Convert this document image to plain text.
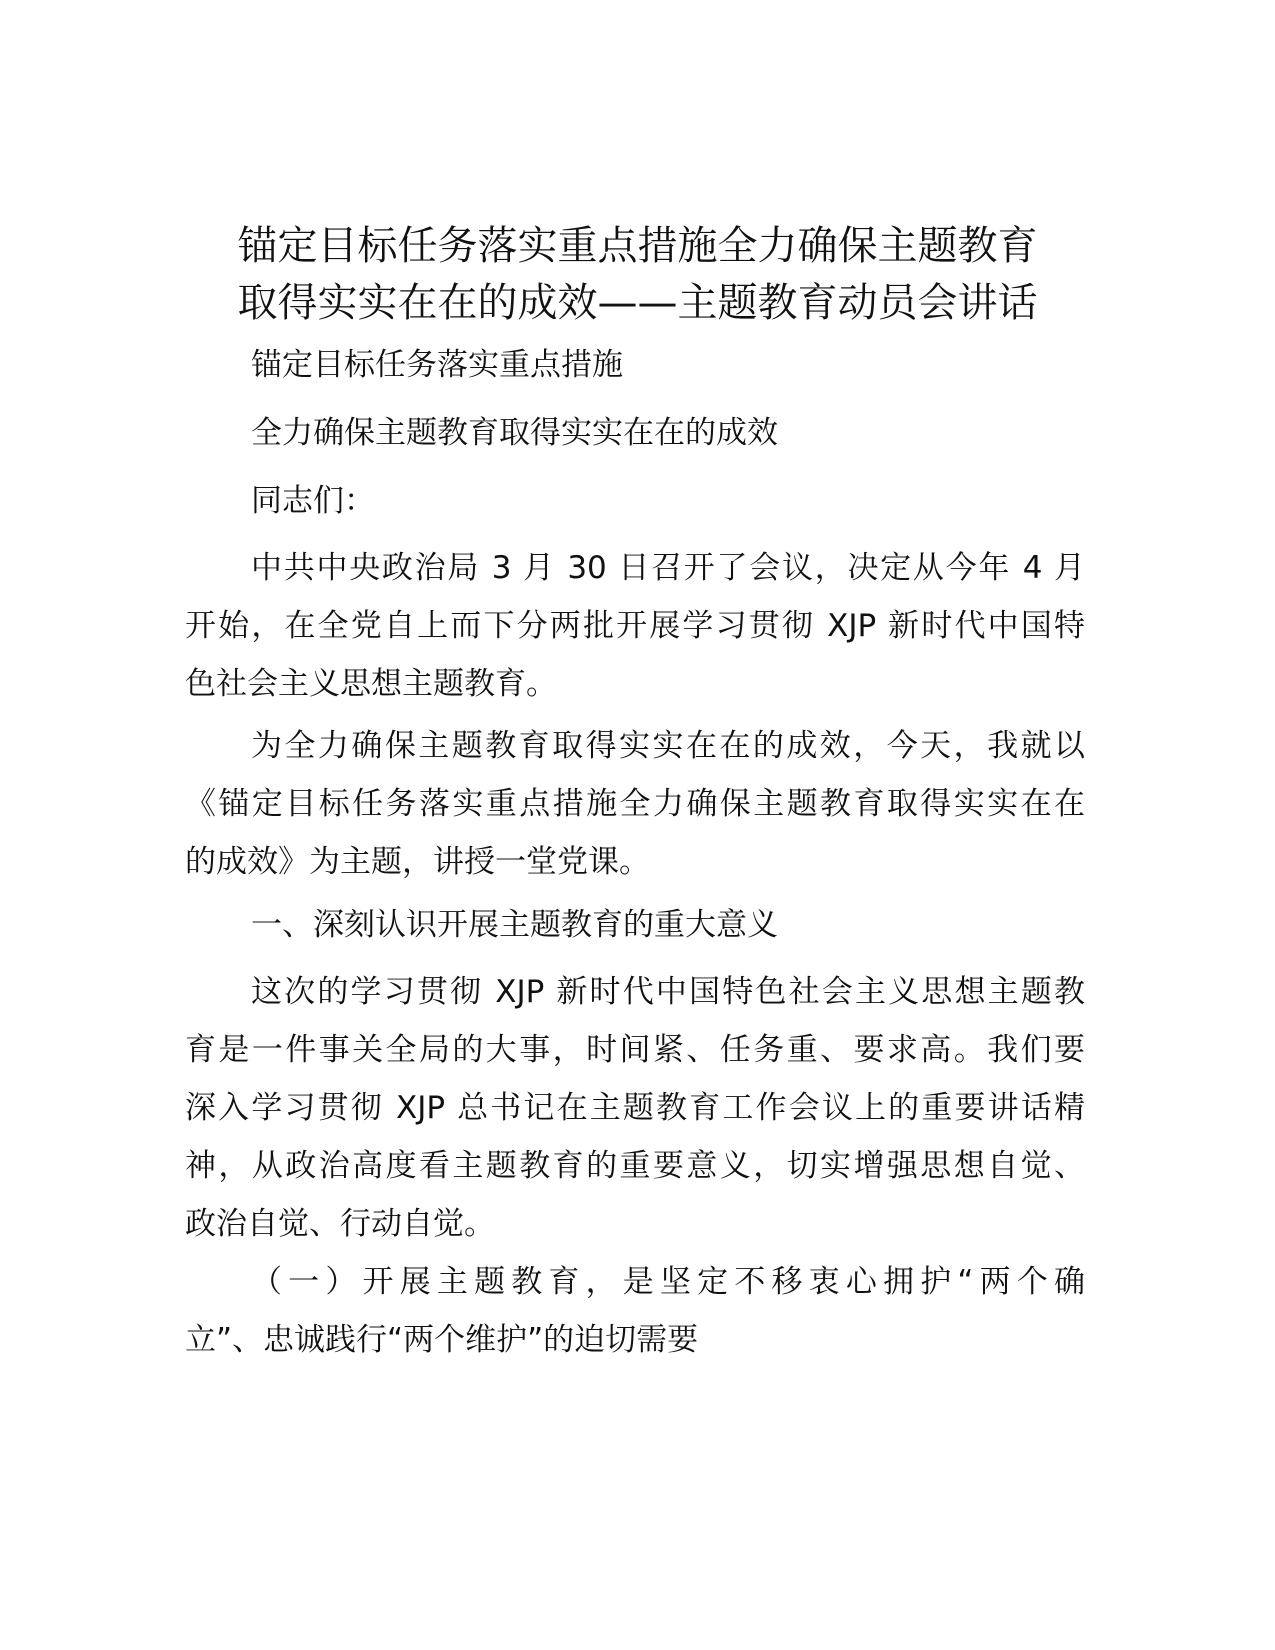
锚定目标任务落实重点措施全力确保主题教育
取得实实在在的成效——主题教育动员会讲话

锚定目标任务落实重点措施

全力确保主题教育取得实实在在的成效

同志们：

中共中央政治局 3 月 30 日召开了会议，决定从今年 4 月
开始，在全党自上而下分两批开展学习贯彻 XJP 新时代中国特
色社会主义思想主题教育。
为全力确保主题教育取得实实在在的成效，今天，我就以
《锚定目标任务落实重点措施全力确保主题教育取得实实在在
的成效》为主题，讲授一堂党课。

一、深刻认识开展主题教育的重大意义

这次的学习贯彻 XJP 新时代中国特色社会主义思想主题教
育是一件事关全局的大事，时间紧、任务重、要求高。我们要
深入学习贯彻 XJP 总书记在主题教育工作会议上的重要讲话精
神，从政治高度看主题教育的重要意义，切实增强思想自觉、
政治自觉、行动自觉。
（一）开展主题教育，是坚定不移衷心拥护“两个确
立”、忠诚践行“两个维护”的迫切需要
